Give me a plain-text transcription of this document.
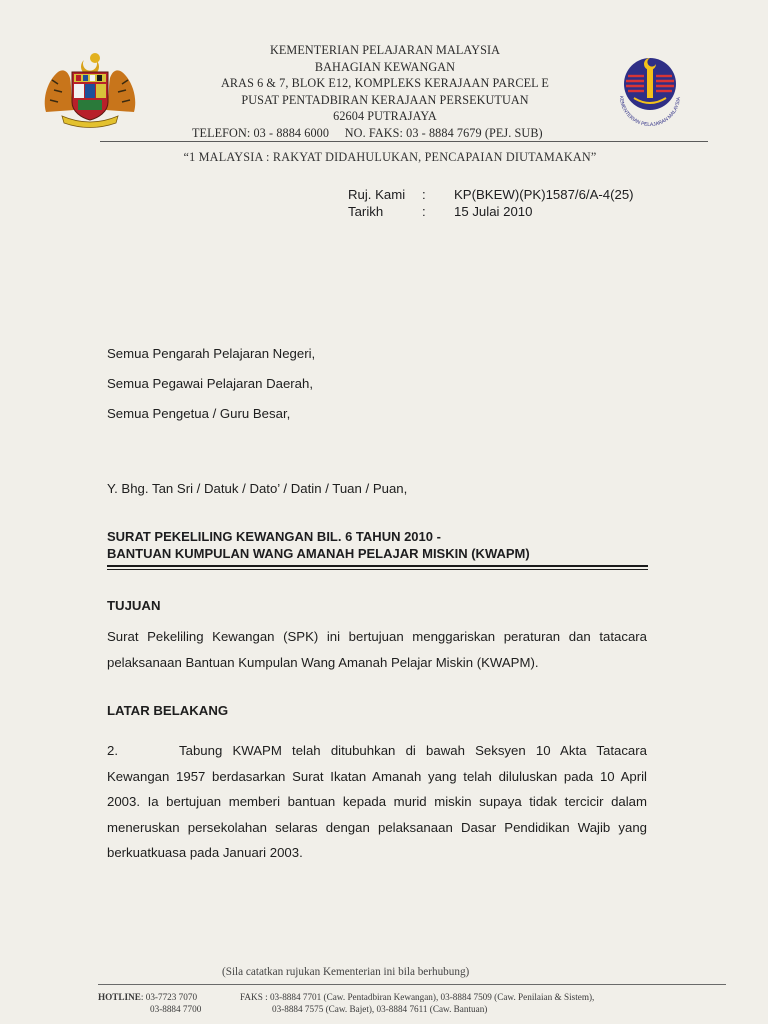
KEMENTERIAN PELAJARAN MALAYSIA
BAHAGIAN KEWANGAN
ARAS 6 & 7, BLOK E12, KOMPLEKS KERAJAAN PARCEL E
PUSAT PENTADBIRAN KERAJAAN PERSEKUTUAN
62604 PUTRAJAYA
TELEFON: 03 - 8884 6000 NO. FAKS: 03 - 8884 7679 (PEJ. SUB)
KEMENTERIAN PELAJARAN MALAYSIA
“1 MALAYSIA : RAKYAT DIDAHULUKAN, PENCAPAIAN DIUTAMAKAN”
Ruj. Kami	:	KP(BKEW)(PK)1587/6/A-4(25)
Tarikh	:	15 Julai 2010
Semua Pengarah Pelajaran Negeri,
Semua Pegawai Pelajaran Daerah,
Semua Pengetua / Guru Besar,
Y. Bhg. Tan Sri / Datuk / Dato’ / Datin / Tuan / Puan,
SURAT PEKELILING KEWANGAN BIL. 6 TAHUN 2010 -
BANTUAN KUMPULAN WANG AMANAH PELAJAR MISKIN (KWAPM)
TUJUAN
Surat Pekeliling Kewangan (SPK) ini bertujuan menggariskan peraturan dan tatacara
pelaksanaan Bantuan Kumpulan Wang Amanah Pelajar Miskin (KWAPM).
LATAR BELAKANG
2.      Tabung KWAPM telah ditubuhkan di bawah Seksyen 10 Akta Tatacara
Kewangan 1957 berdasarkan Surat Ikatan Amanah yang telah diluluskan pada 10 April
2003. Ia bertujuan memberi bantuan kepada murid miskin supaya tidak tercicir dalam
meneruskan persekolahan selaras dengan pelaksanaan Dasar Pendidikan Wajib yang
berkuatkuasa pada Januari 2003.
(Sila catatkan rujukan Kementerian ini bila berhubung)
HOTLINE: 03-7723 7070
03-8884 7700
FAKS : 03-8884 7701 (Caw. Pentadbiran Kewangan), 03-8884 7509 (Caw. Penilaian & Sistem),
03-8884 7575 (Caw. Bajet), 03-8884 7611 (Caw. Bantuan)
